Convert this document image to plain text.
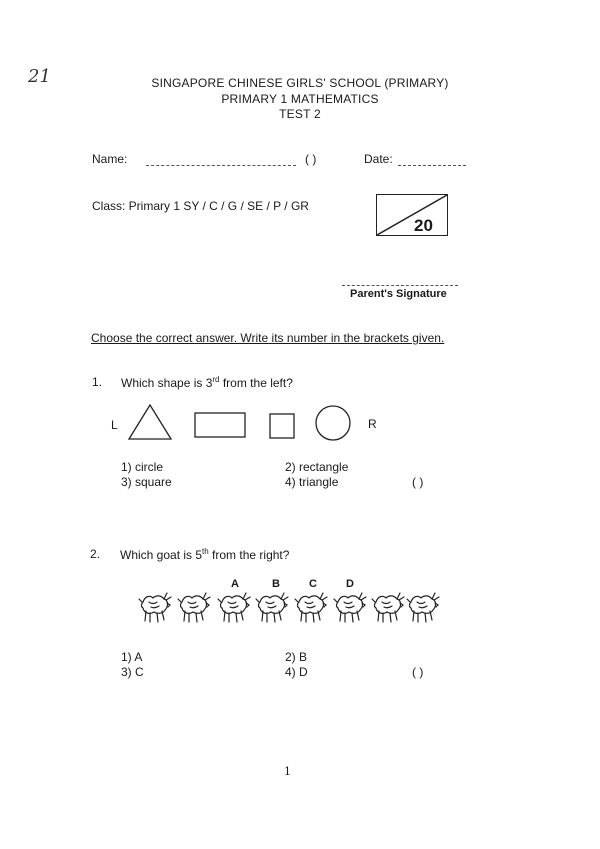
21	SINGAPORE CHINESE GIRLS' SCHOOL (PRIMARY)
PRIMARY 1 MATHEMATICS
TEST 2
Name:	( )	Date:
Class: Primary 1 SY / C / G / SE / P / GR
20
Parent's Signature
Choose the correct answer. Write its number in the brackets given.
1. Which shape is 3rd from the left?
L	R
1) circle	2) rectangle
3) square	4) triangle	( )
2. Which goat is 5th from the right?
A	B	C	D
1) A	2) B
3) C	4) D	( )
1
